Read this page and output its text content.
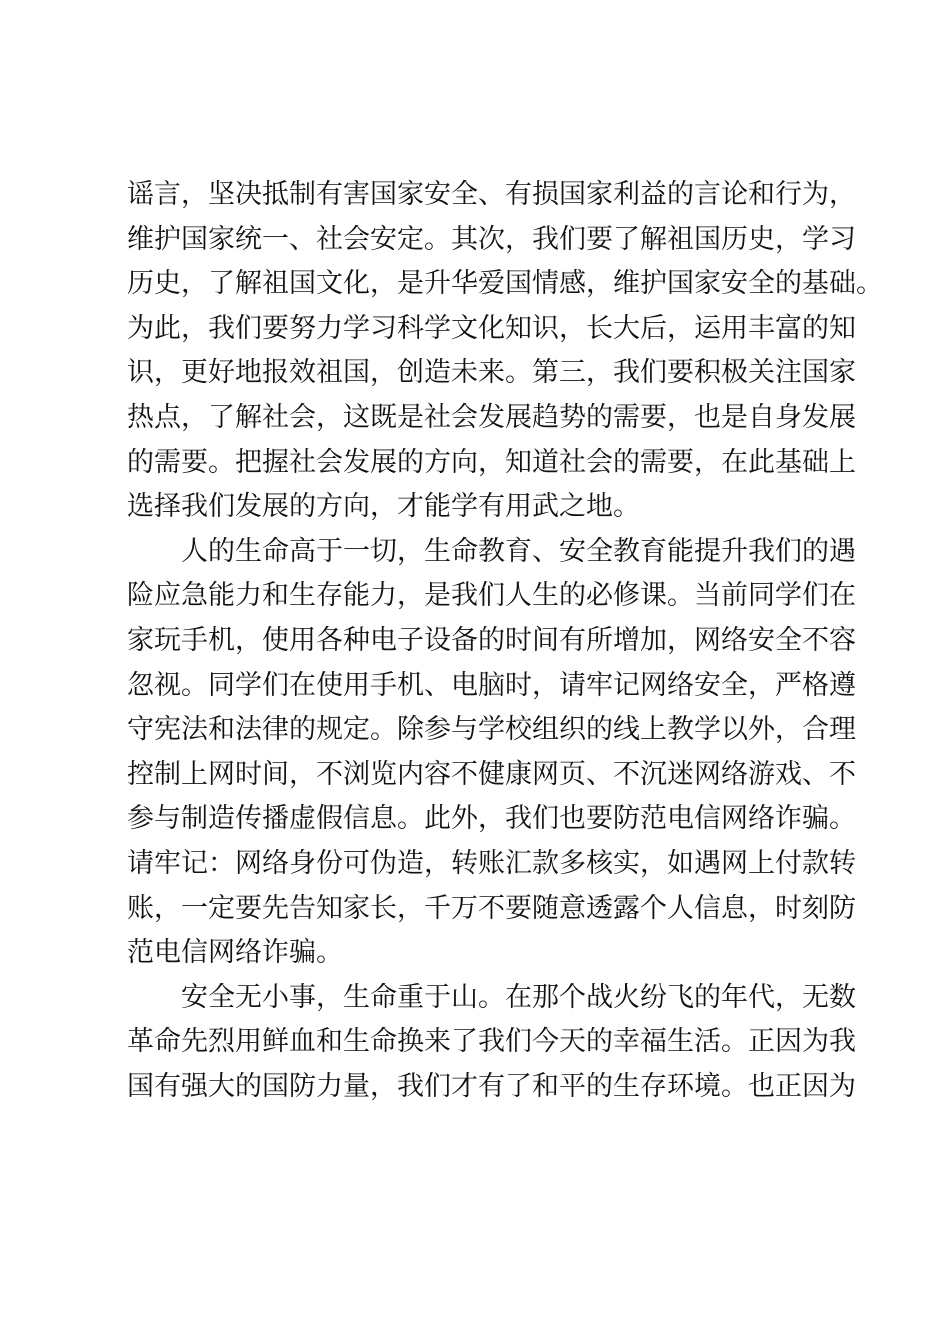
谣言，坚决抵制有害国家安全、有损国家利益的言论和行为，
维护国家统一、社会安定。其次，我们要了解祖国历史，学习
历史，了解祖国文化，是升华爱国情感，维护国家安全的基础。
为此，我们要努力学习科学文化知识，长大后，运用丰富的知
识，更好地报效祖国，创造未来。第三，我们要积极关注国家
热点，了解社会，这既是社会发展趋势的需要，也是自身发展
的需要。把握社会发展的方向，知道社会的需要，在此基础上
选择我们发展的方向，才能学有用武之地。
人的生命高于一切，生命教育、安全教育能提升我们的遇
险应急能力和生存能力，是我们人生的必修课。当前同学们在
家玩手机，使用各种电子设备的时间有所增加，网络安全不容
忽视。同学们在使用手机、电脑时，请牢记网络安全，严格遵
守宪法和法律的规定。除参与学校组织的线上教学以外，合理
控制上网时间，不浏览内容不健康网页、不沉迷网络游戏、不
参与制造传播虚假信息。此外，我们也要防范电信网络诈骗。
请牢记：网络身份可伪造，转账汇款多核实，如遇网上付款转
账，一定要先告知家长，千万不要随意透露个人信息，时刻防
范电信网络诈骗。
安全无小事，生命重于山。在那个战火纷飞的年代，无数
革命先烈用鲜血和生命换来了我们今天的幸福生活。正因为我
国有强大的国防力量，我们才有了和平的生存环境。也正因为
